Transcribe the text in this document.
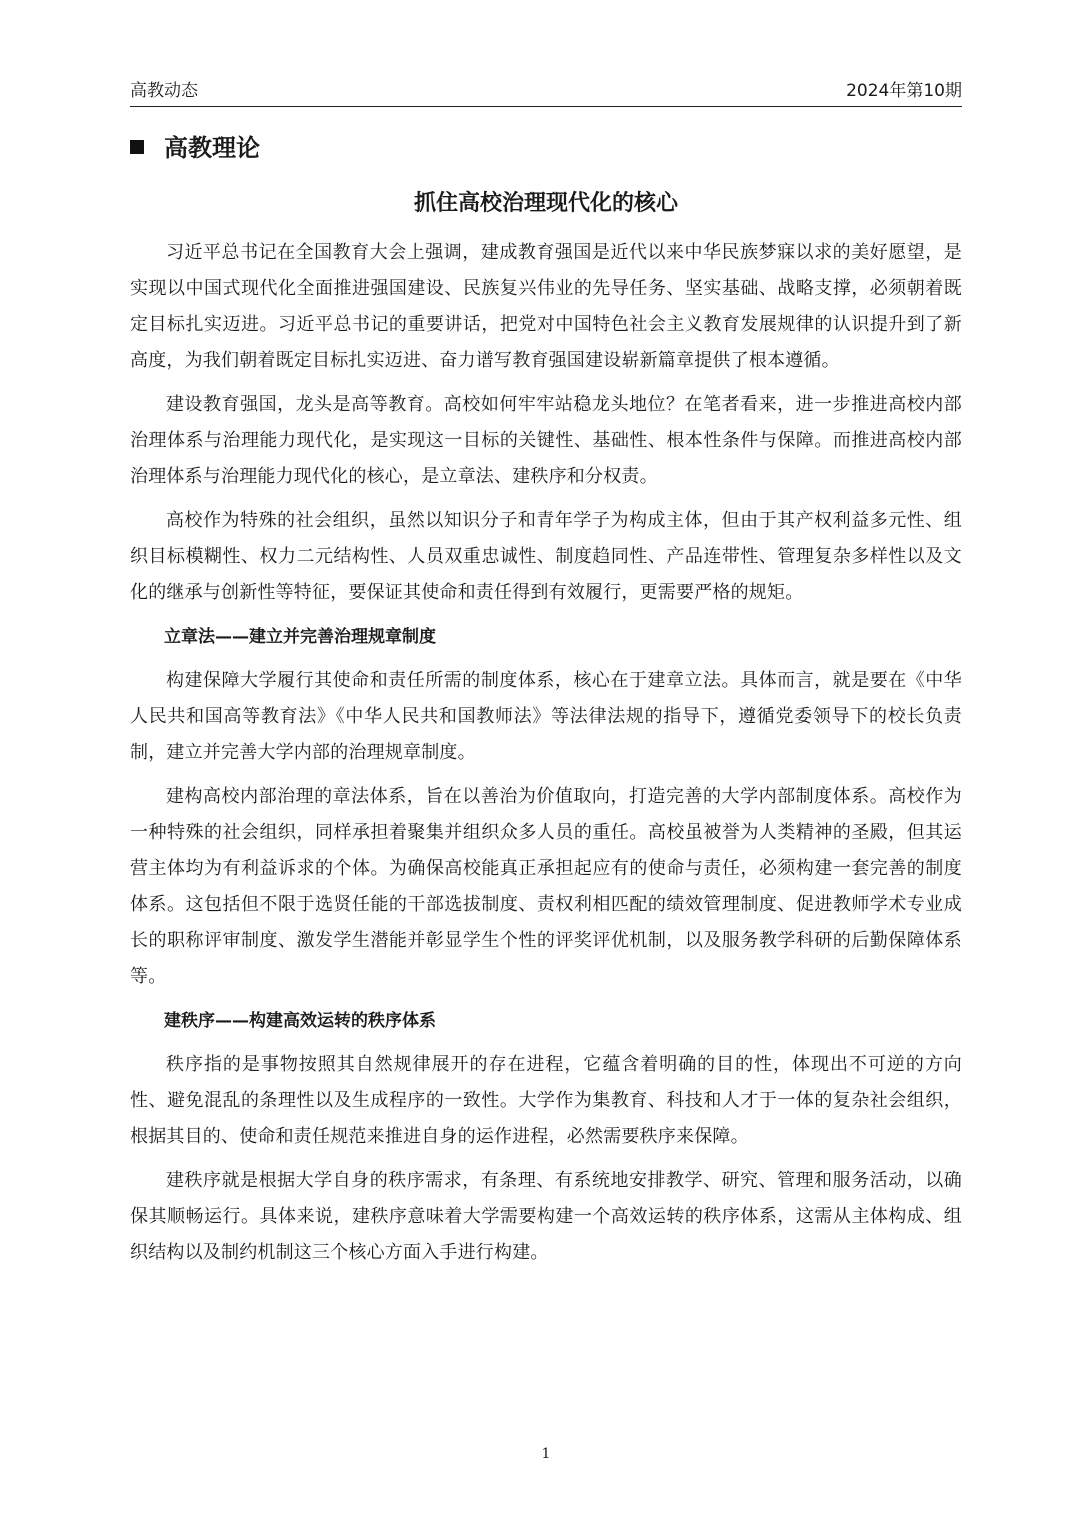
高教动态	2024年第10期
高教理论
抓住高校治理现代化的核心

习近平总书记在全国教育大会上强调，建成教育强国是近代以来中华民族梦寐以求的美好愿望，是实现以中国式现代化全面推进强国建设、民族复兴伟业的先导任务、坚实基础、战略支撑，必须朝着既定目标扎实迈进。习近平总书记的重要讲话，把党对中国特色社会主义教育发展规律的认识提升到了新高度，为我们朝着既定目标扎实迈进、奋力谱写教育强国建设崭新篇章提供了根本遵循。

建设教育强国，龙头是高等教育。高校如何牢牢站稳龙头地位？在笔者看来，进一步推进高校内部治理体系与治理能力现代化，是实现这一目标的关键性、基础性、根本性条件与保障。而推进高校内部治理体系与治理能力现代化的核心，是立章法、建秩序和分权责。

高校作为特殊的社会组织，虽然以知识分子和青年学子为构成主体，但由于其产权利益多元性、组织目标模糊性、权力二元结构性、人员双重忠诚性、制度趋同性、产品连带性、管理复杂多样性以及文化的继承与创新性等特征，要保证其使命和责任得到有效履行，更需要严格的规矩。

立章法——建立并完善治理规章制度

构建保障大学履行其使命和责任所需的制度体系，核心在于建章立法。具体而言，就是要在《中华人民共和国高等教育法》《中华人民共和国教师法》等法律法规的指导下，遵循党委领导下的校长负责制，建立并完善大学内部的治理规章制度。

建构高校内部治理的章法体系，旨在以善治为价值取向，打造完善的大学内部制度体系。高校作为一种特殊的社会组织，同样承担着聚集并组织众多人员的重任。高校虽被誉为人类精神的圣殿，但其运营主体均为有利益诉求的个体。为确保高校能真正承担起应有的使命与责任，必须构建一套完善的制度体系。这包括但不限于选贤任能的干部选拔制度、责权利相匹配的绩效管理制度、促进教师学术专业成长的职称评审制度、激发学生潜能并彰显学生个性的评奖评优机制，以及服务教学科研的后勤保障体系等。

建秩序——构建高效运转的秩序体系

秩序指的是事物按照其自然规律展开的存在进程，它蕴含着明确的目的性，体现出不可逆的方向性、避免混乱的条理性以及生成程序的一致性。大学作为集教育、科技和人才于一体的复杂社会组织，根据其目的、使命和责任规范来推进自身的运作进程，必然需要秩序来保障。

建秩序就是根据大学自身的秩序需求，有条理、有系统地安排教学、研究、管理和服务活动，以确保其顺畅运行。具体来说，建秩序意味着大学需要构建一个高效运转的秩序体系，这需从主体构成、组织结构以及制约机制这三个核心方面入手进行构建。

1
